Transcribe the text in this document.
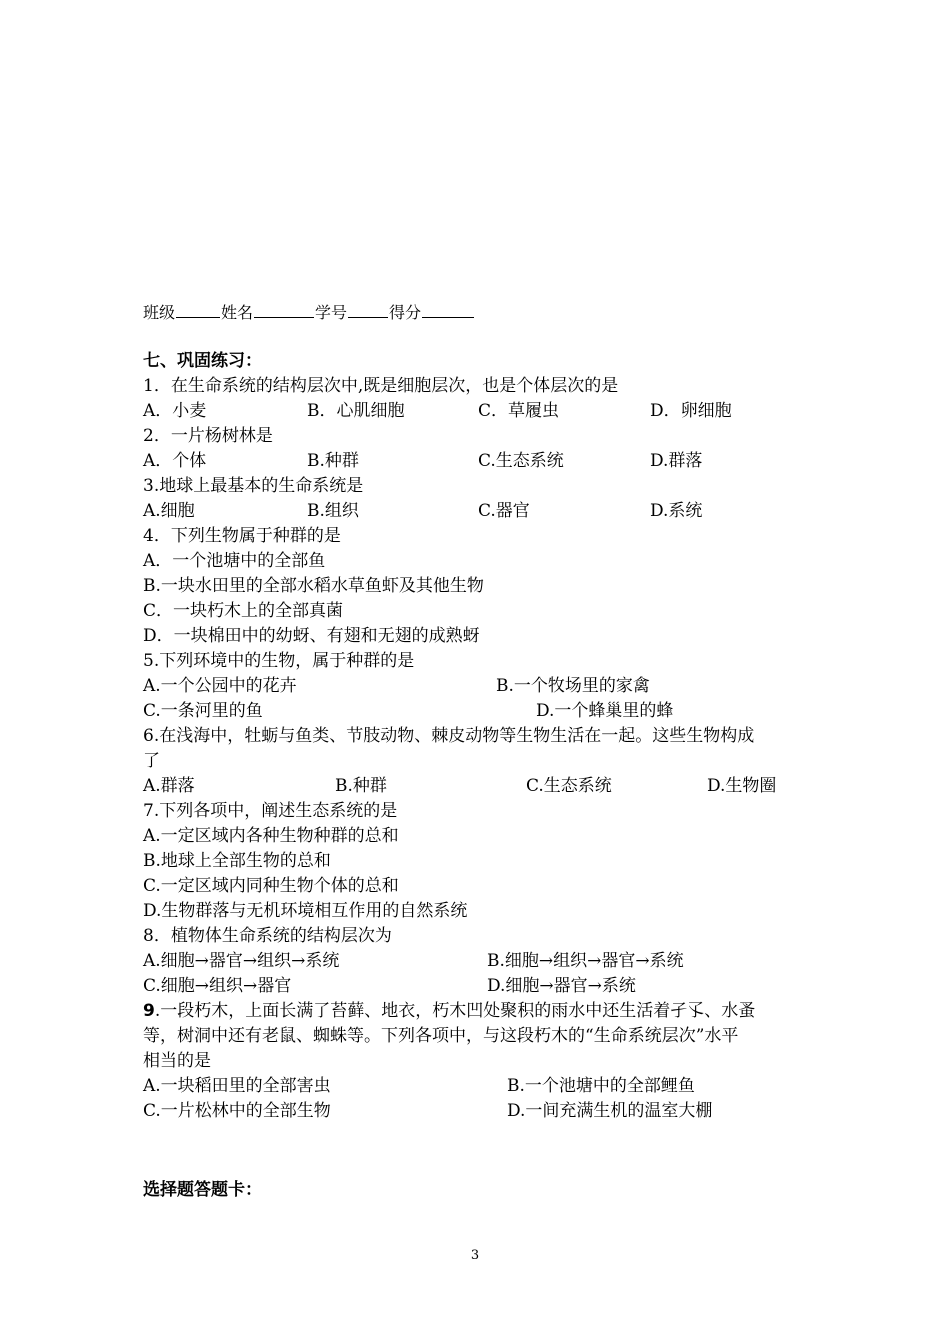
班级	姓名	学号	得分
七、巩固练习：
1．在生命系统的结构层次中,既是细胞层次，也是个体层次的是
A．小麦	B．心肌细胞	C．草履虫	D．卵细胞
2．一片杨树林是
A．个体	B.种群	C.生态系统	D.群落
3.地球上最基本的生命系统是
A.细胞	B.组织	C.器官	D.系统
4．下列生物属于种群的是
A．一个池塘中的全部鱼
B.一块水田里的全部水稻水草鱼虾及其他生物
C．一块朽木上的全部真菌
D．一块棉田中的幼蚜、有翅和无翅的成熟蚜
5.下列环境中的生物，属于种群的是
A.一个公园中的花卉	B.一个牧场里的家禽
C.一条河里的鱼	D.一个蜂巢里的蜂
6.在浅海中，牡蛎与鱼类、节肢动物、棘皮动物等生物生活在一起。这些生物构成
了
A.群落	B.种群	C.生态系统	D.生物圈
7.下列各项中，阐述生态系统的是
A.一定区域内各种生物种群的总和
B.地球上全部生物的总和
C.一定区域内同种生物个体的总和
D.生物群落与无机环境相互作用的自然系统
8．植物体生命系统的结构层次为
A.细胞→器官→组织→系统	B.细胞→组织→器官→系统
C.细胞→组织→器官	D.细胞→器官→系统
9.一段朽木，上面长满了苔藓、地衣，朽木凹处聚积的雨水中还生活着孑孓、水蚤
等，树洞中还有老鼠、蜘蛛等。下列各项中，与这段朽木的“生命系统层次”水平
相当的是
A.一块稻田里的全部害虫	B.一个池塘中的全部鲤鱼
C.一片松林中的全部生物	D.一间充满生机的温室大棚
选择题答题卡：
3
